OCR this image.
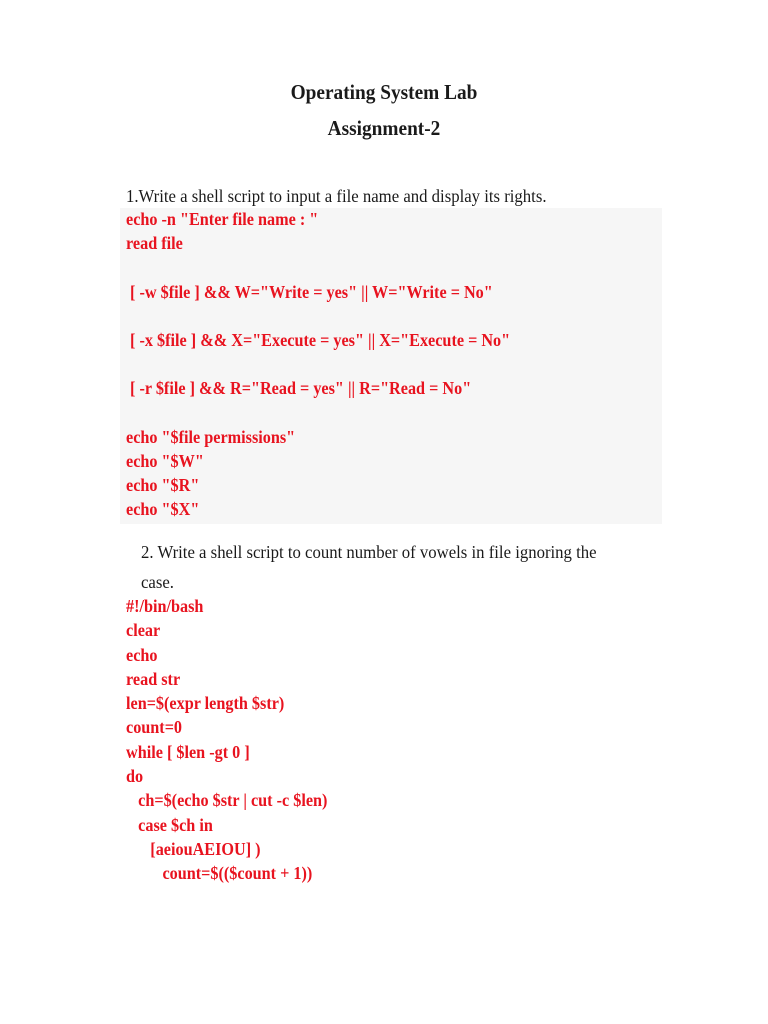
Operating System Lab
Assignment-2
1.Write a shell script to input a file name and display its rights.
echo -n "Enter file name : "
read file
[ -w $file ] && W="Write = yes" || W="Write = No"
[ -x $file ] && X="Execute = yes" || X="Execute = No"
[ -r $file ] && R="Read = yes" || R="Read = No"
echo "$file permissions"
echo "$W"
echo "$R"
echo "$X"
2. Write a shell script to count number of vowels in file ignoring the
case.
#!/bin/bash
clear
echo
read str
len=$(expr length $str)
count=0
while [ $len -gt 0 ]
do
ch=$(echo $str | cut -c $len)
case $ch in
[aeiouAEIOU] )
count=$(($count + 1))
